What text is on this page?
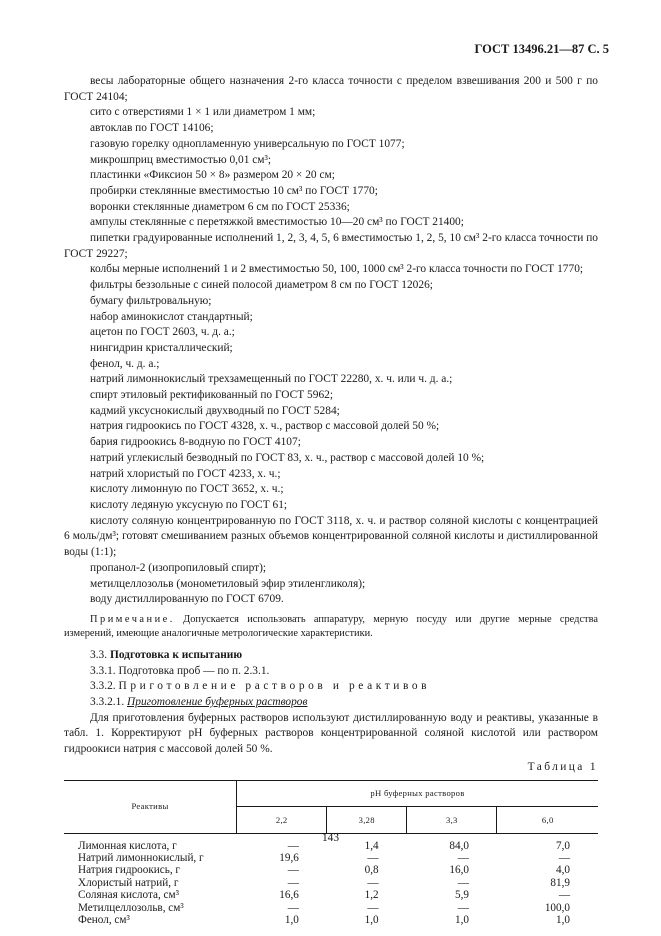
ГОСТ 13496.21—87 С. 5
весы лабораторные общего назначения 2-го класса точности с пределом взвешивания 200 и 500 г по ГОСТ 24104;
сито с отверстиями 1 × 1 или диаметром 1 мм;
автоклав по ГОСТ 14106;
газовую горелку однопламенную универсальную по ГОСТ 1077;
микрошприц вместимостью 0,01 см³;
пластинки «Фиксион 50 × 8» размером 20 × 20 см;
пробирки стеклянные вместимостью 10 см³ по ГОСТ 1770;
воронки стеклянные диаметром 6 см по ГОСТ 25336;
ампулы стеклянные с перетяжкой вместимостью 10—20 см³ по ГОСТ 21400;
пипетки градуированные исполнений 1, 2, 3, 4, 5, 6 вместимостью 1, 2, 5, 10 см³ 2-го класса точности по ГОСТ 29227;
колбы мерные исполнений 1 и 2 вместимостью 50, 100, 1000 см³ 2-го класса точности по ГОСТ 1770;
фильтры беззольные с синей полосой диаметром 8 см по ГОСТ 12026;
бумагу фильтровальную;
набор аминокислот стандартный;
ацетон по ГОСТ 2603, ч. д. а.;
нингидрин кристаллический;
фенол, ч. д. а.;
натрий лимоннокислый трехзамещенный по ГОСТ 22280, х. ч. или ч. д. а.;
спирт этиловый ректификованный по ГОСТ 5962;
кадмий уксуснокислый двухводный по ГОСТ 5284;
натрия гидроокись по ГОСТ 4328, х. ч., раствор с массовой долей 50 %;
бария гидроокись 8-водную по ГОСТ 4107;
натрий углекислый безводный по ГОСТ 83, х. ч., раствор с массовой долей 10 %;
натрий хлористый по ГОСТ 4233, х. ч.;
кислоту лимонную по ГОСТ 3652, х. ч.;
кислоту ледяную уксусную по ГОСТ 61;
кислоту соляную концентрированную по ГОСТ 3118, х. ч. и раствор соляной кислоты с концентрацией 6 моль/дм³; готовят смешиванием разных объемов концентрированной соляной кислоты и дистиллированной воды (1:1);
пропанол-2 (изопропиловый спирт);
метилцеллозольв (монометиловый эфир этиленгликоля);
воду дистиллированную по ГОСТ 6709.
Примечание. Допускается использовать аппаратуру, мерную посуду или другие мерные средства измерений, имеющие аналогичные метрологические характеристики.
3.3. Подготовка к испытанию
3.3.1. Подготовка проб — по п. 2.3.1.
3.3.2. Приготовление растворов и реактивов
3.3.2.1. Приготовление буферных растворов
Для приготовления буферных растворов используют дистиллированную воду и реактивы, указанные в табл. 1. Корректируют pH буферных растворов концентрированной соляной кислотой или раствором гидроокиси натрия с массовой долей 50 %.
Таблица 1
Реактивы	pH буферных растворов			
	2,2	3,28	3,3	6,0
Лимонная кислота, г	—	1,4	84,0	7,0
Натрий лимоннокислый, г	19,6	—	—	—
Натрия гидроокись, г	—	0,8	16,0	4,0
Хлористый натрий, г	—	—	—	81,9
Соляная кислота, см³	16,6	1,2	5,9	—
Метилцеллозольв, см³	—	—	—	100,0
Фенол, см³	1,0	1,0	1,0	1,0
143
